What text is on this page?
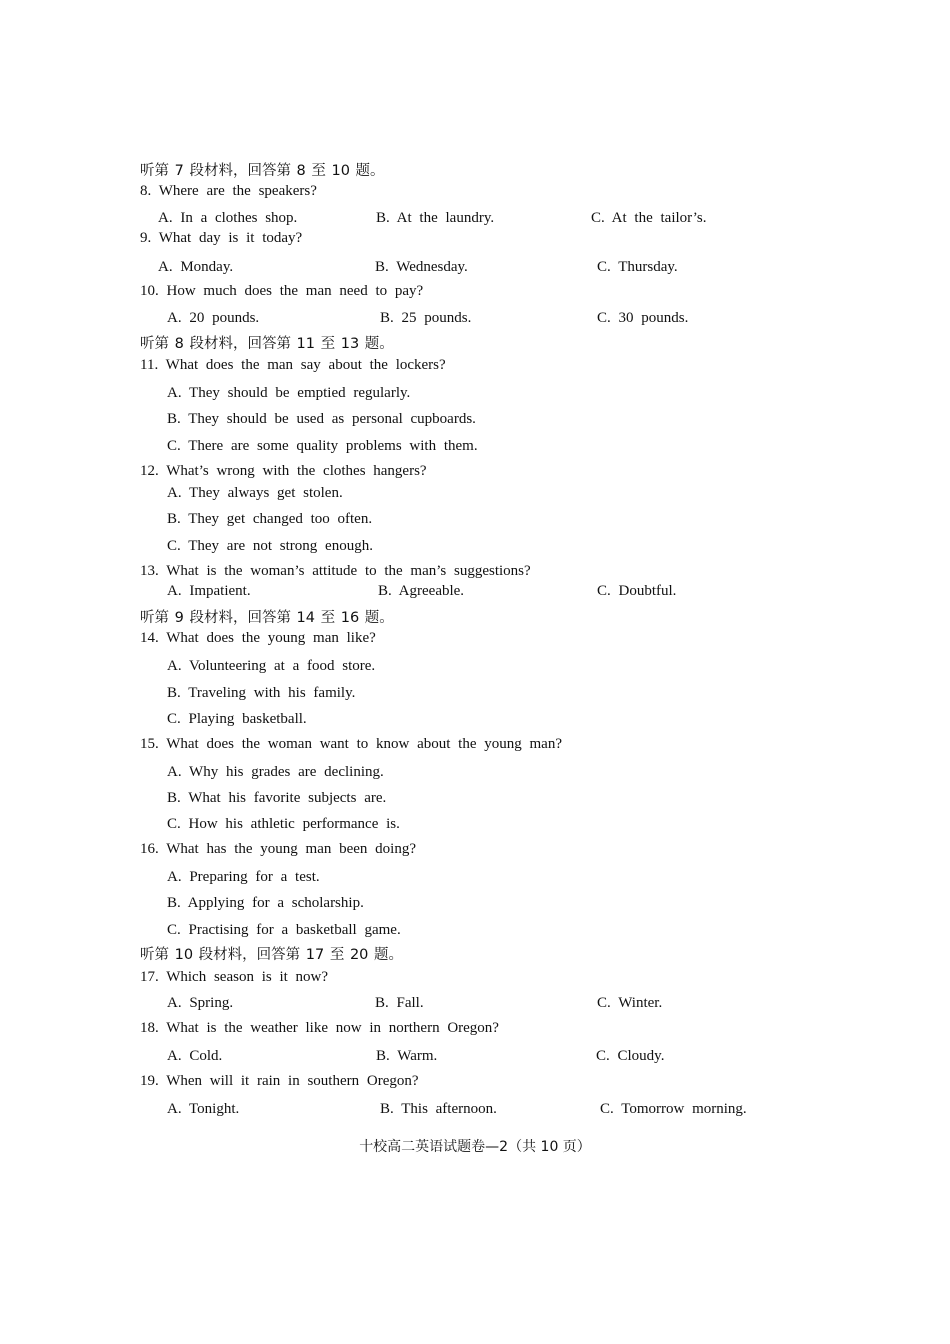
听第 7 段材料，回答第 8 至 10 题。
8. Where are the speakers?
A. In a clothes shop.	B. At the laundry.	C. At the tailor’s.
9. What day is it today?
A. Monday.	B. Wednesday.	C. Thursday.
10. How much does the man need to pay?
A. 20 pounds.	B. 25 pounds.	C. 30 pounds.
听第 8 段材料，回答第 11 至 13 题。
11. What does the man say about the lockers?
A. They should be emptied regularly.
B. They should be used as personal cupboards.
C. There are some quality problems with them.
12. What’s wrong with the clothes hangers?
A. They always get stolen.
B. They get changed too often.
C. They are not strong enough.
13. What is the woman’s attitude to the man’s suggestions?
A. Impatient.	B. Agreeable.	C. Doubtful.
听第 9 段材料，回答第 14 至 16 题。
14. What does the young man like?
A. Volunteering at a food store.
B. Traveling with his family.
C. Playing basketball.
15. What does the woman want to know about the young man?
A. Why his grades are declining.
B. What his favorite subjects are.
C. How his athletic performance is.
16. What has the young man been doing?
A. Preparing for a test.
B. Applying for a scholarship.
C. Practising for a basketball game.
听第 10 段材料，回答第 17 至 20 题。
17. Which season is it now?
A. Spring.	B. Fall.	C. Winter.
18. What is the weather like now in northern Oregon?
A. Cold.	B. Warm.	C. Cloudy.
19. When will it rain in southern Oregon?
A. Tonight.	B. This afternoon.	C. Tomorrow morning.
十校高二英语试题卷—2（共 10 页）
